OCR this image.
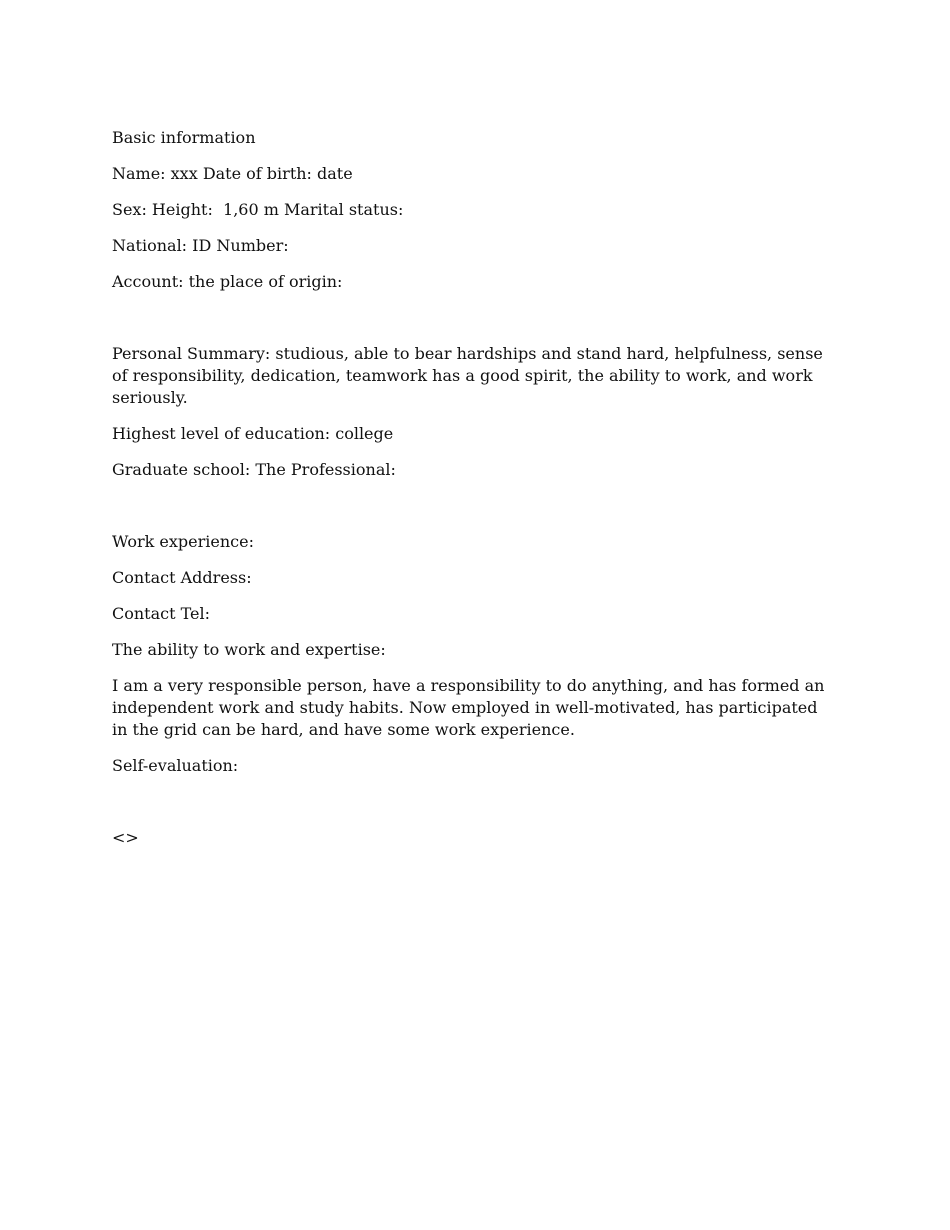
Basic information

Name: xxx Date of birth: date

Sex: Height:  1,60 m Marital status:

National: ID Number:

Account: the place of origin:

Personal Summary: studious, able to bear hardships and stand hard, helpfulness, sense of responsibility, dedication, teamwork has a good spirit, the ability to work, and work seriously.

Highest level of education: college

Graduate school: The Professional:

Work experience:

Contact Address:

Contact Tel:

The ability to work and expertise:

I am a very responsible person, have a responsibility to do anything, and has formed an independent work and study habits. Now employed in well-motivated, has participated in the grid can be hard, and have some work experience.

Self-evaluation:

<>
